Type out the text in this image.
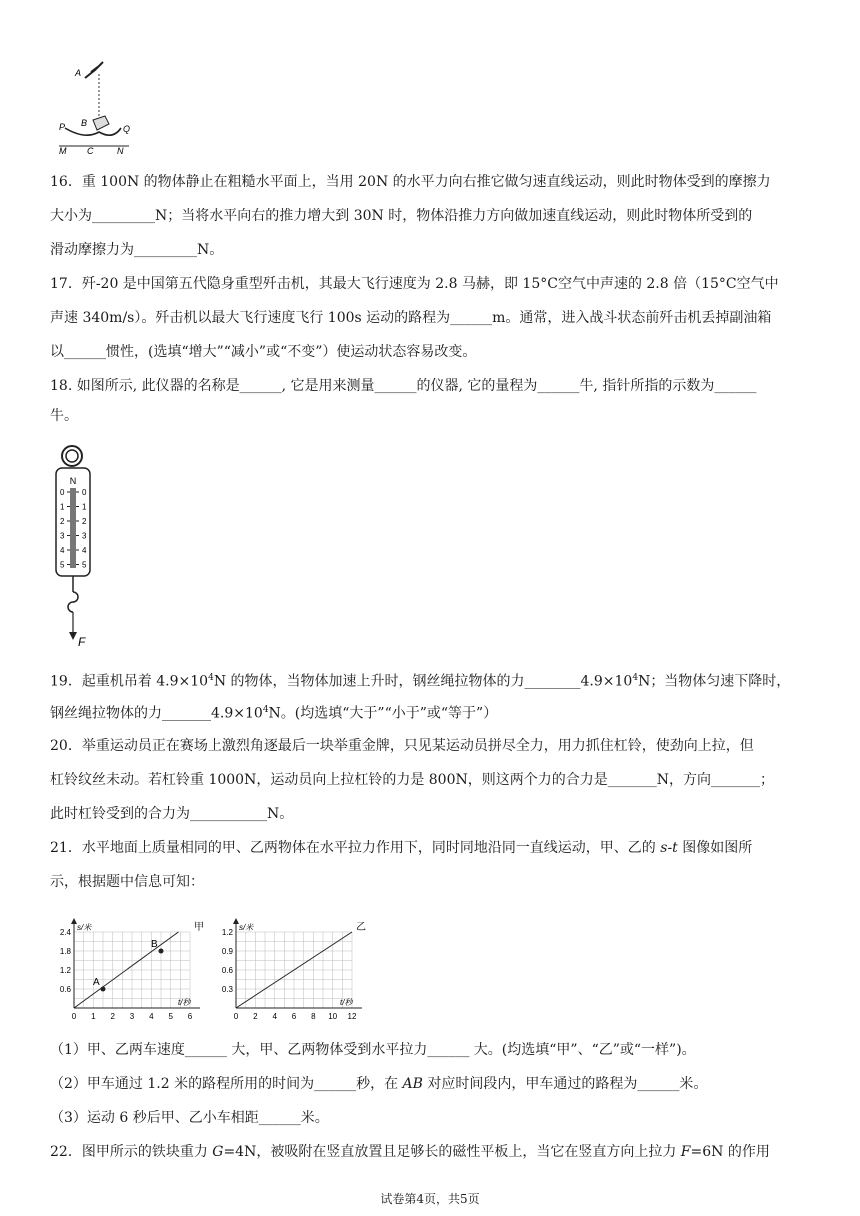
A
P B
Q
M C	N
16．重 100N 的物体静止在粗糙水平面上，当用 20N 的水平力向右推它做匀速直线运动，则此时物体受到的摩擦力
大小为_________N；当将水平向右的推力增大到 30N 时，物体沿推力方向做加速直线运动，则此时物体所受到的
滑动摩擦力为_________N。
17．歼-20 是中国第五代隐身重型歼击机，其最大飞行速度为 2.8 马赫，即 15°C空气中声速的 2.8 倍（15°C空气中
声速 340m/s）。歼击机以最大飞行速度飞行 100s 运动的路程为______m。通常，进入战斗状态前歼击机丢掉副油箱
以______惯性，(选填“增大”“减小”或“不变”）使运动状态容易改变。
18. 如图所示, 此仪器的名称是______, 它是用来测量______的仪器, 它的量程为______牛, 指针所指的示数为______
牛。
N
0 0
1 1
2 2
3 3
4 4
5 5
F
19．起重机吊着 $4.9\times 10^4N$ 的物体，当物体加速上升时，钢丝绳拉物体的力$\_\_\_\_\_\_\_\_4.9\times 10^4N$；当物体匀速下降时，
钢丝绳拉物体的力$\_\_\_\_\_\_\_4.9\times 10^4N$。(均选填“大于”“小于”或“等于”）
20．举重运动员正在赛场上激烈角逐最后一块举重金牌，只见某运动员拼尽全力，用力抓住杠铃，使劲向上拉，但
杠铃纹丝未动。若杠铃重 1000N，运动员向上拉杠铃的力是 800N，则这两个力的合力是_______N，方向_______；
此时杠铃受到的合力为___________N。
21．水平地面上质量相同的甲、乙两物体在水平拉力作用下，同时同地沿同一直线运动，甲、乙的 s-t 图像如图所
示，根据题中信息可知：
0 1 2 3 4 5 6
0.6
1.2
1.8
2.4
s/米
t/秒
甲
A
B
0 2 4 6 8 10 12
0.3
0.6
0.9
1.2
s/米
t/秒
乙
（1）甲、乙两车速度______ 大，甲、乙两物体受到水平拉力______ 大。(均选填“甲”、“乙”或“一样”)。
（2）甲车通过 1.2 米的路程所用的时间为______秒，在 AB 对应时间段内，甲车通过的路程为______米。
（3）运动 6 秒后甲、乙小车相距______米。
22．图甲所示的铁块重力 G=4N，被吸附在竖直放置且足够长的磁性平板上，当它在竖直方向上拉力 F=6N 的作用
试卷第4页，共5页
